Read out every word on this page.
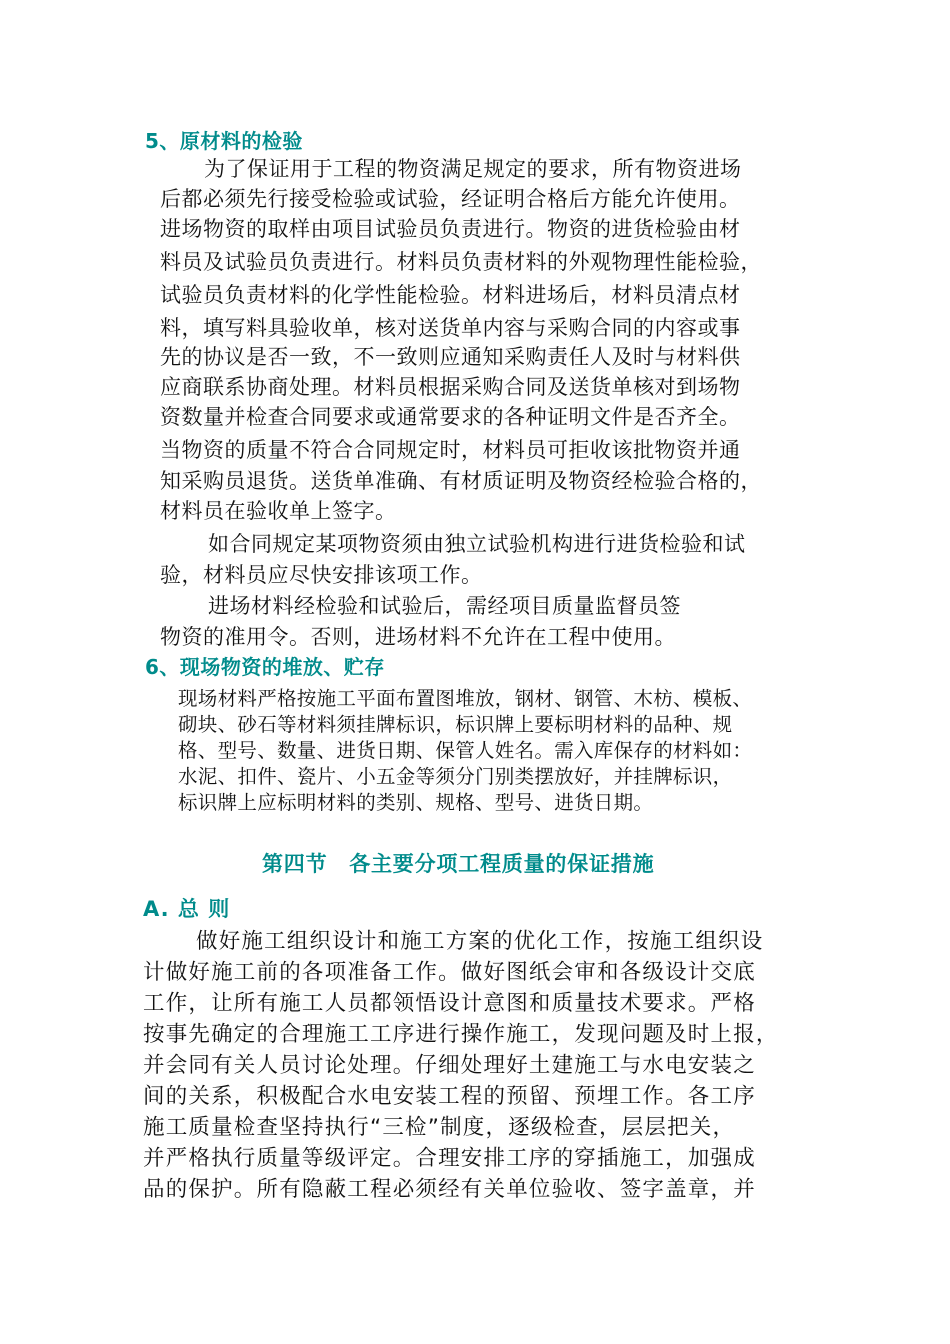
5、原材料的检验
为了保证用于工程的物资满足规定的要求，所有物资进场
后都必须先行接受检验或试验，经证明合格后方能允许使用。
进场物资的取样由项目试验员负责进行。物资的进货检验由材
料员及试验员负责进行。材料员负责材料的外观物理性能检验，
试验员负责材料的化学性能检验。材料进场后，材料员清点材
料，填写料具验收单，核对送货单内容与采购合同的内容或事
先的协议是否一致，不一致则应通知采购责任人及时与材料供
应商联系协商处理。材料员根据采购合同及送货单核对到场物
资数量并检查合同要求或通常要求的各种证明文件是否齐全。
当物资的质量不符合合同规定时，材料员可拒收该批物资并通
知采购员退货。送货单准确、有材质证明及物资经检验合格的，
材料员在验收单上签字。
如合同规定某项物资须由独立试验机构进行进货检验和试
验，材料员应尽快安排该项工作。
进场材料经检验和试验后，需经项目质量监督员签
物资的准用令。否则，进场材料不允许在工程中使用。
6、现场物资的堆放、贮存
现场材料严格按施工平面布置图堆放，钢材、钢管、木枋、模板、
砌块、砂石等材料须挂牌标识，标识牌上要标明材料的品种、规
格、型号、数量、进货日期、保管人姓名。需入库保存的材料如：
水泥、扣件、瓷片、小五金等须分门别类摆放好，并挂牌标识，
标识牌上应标明材料的类别、规格、型号、进货日期。
第四节　各主要分项工程质量的保证措施
A. 总 则
做好施工组织设计和施工方案的优化工作，按施工组织设
计做好施工前的各项准备工作。做好图纸会审和各级设计交底
工作，让所有施工人员都领悟设计意图和质量技术要求。严格
按事先确定的合理施工工序进行操作施工，发现问题及时上报，
并会同有关人员讨论处理。仔细处理好土建施工与水电安装之
间的关系，积极配合水电安装工程的预留、预埋工作。各工序
施工质量检查坚持执行“三检”制度，逐级检查，层层把关，
并严格执行质量等级评定。合理安排工序的穿插施工，加强成
品的保护。所有隐蔽工程必须经有关单位验收、签字盖章，并
